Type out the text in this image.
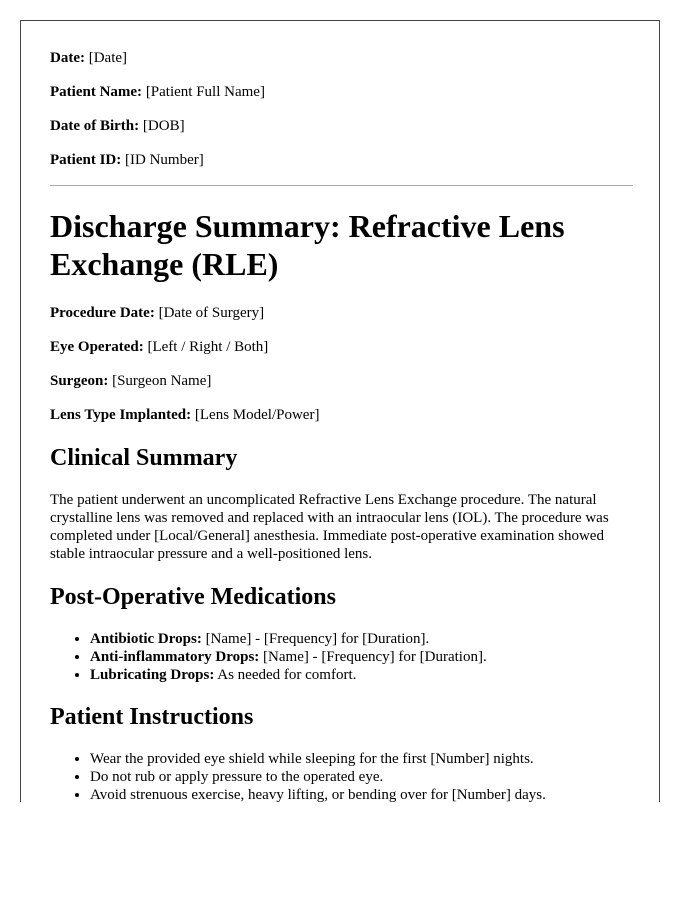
Date: [Date]
Patient Name: [Patient Full Name]
Date of Birth: [DOB]
Patient ID: [ID Number]
Discharge Summary: Refractive Lens Exchange (RLE)
Procedure Date: [Date of Surgery]
Eye Operated: [Left / Right / Both]
Surgeon: [Surgeon Name]
Lens Type Implanted: [Lens Model/Power]
Clinical Summary

The patient underwent an uncomplicated Refractive Lens Exchange procedure. The natural crystalline lens was removed and replaced with an intraocular lens (IOL). The procedure was completed under [Local/General] anesthesia. Immediate post-operative examination showed stable intraocular pressure and a well-positioned lens.

Post-Operative Medications
• Antibiotic Drops: [Name] - [Frequency] for [Duration].
• Anti-inflammatory Drops: [Name] - [Frequency] for [Duration].
• Lubricating Drops: As needed for comfort.
Patient Instructions
• Wear the provided eye shield while sleeping for the first [Number] nights.
• Do not rub or apply pressure to the operated eye.
• Avoid strenuous exercise, heavy lifting, or bending over for [Number] days.
